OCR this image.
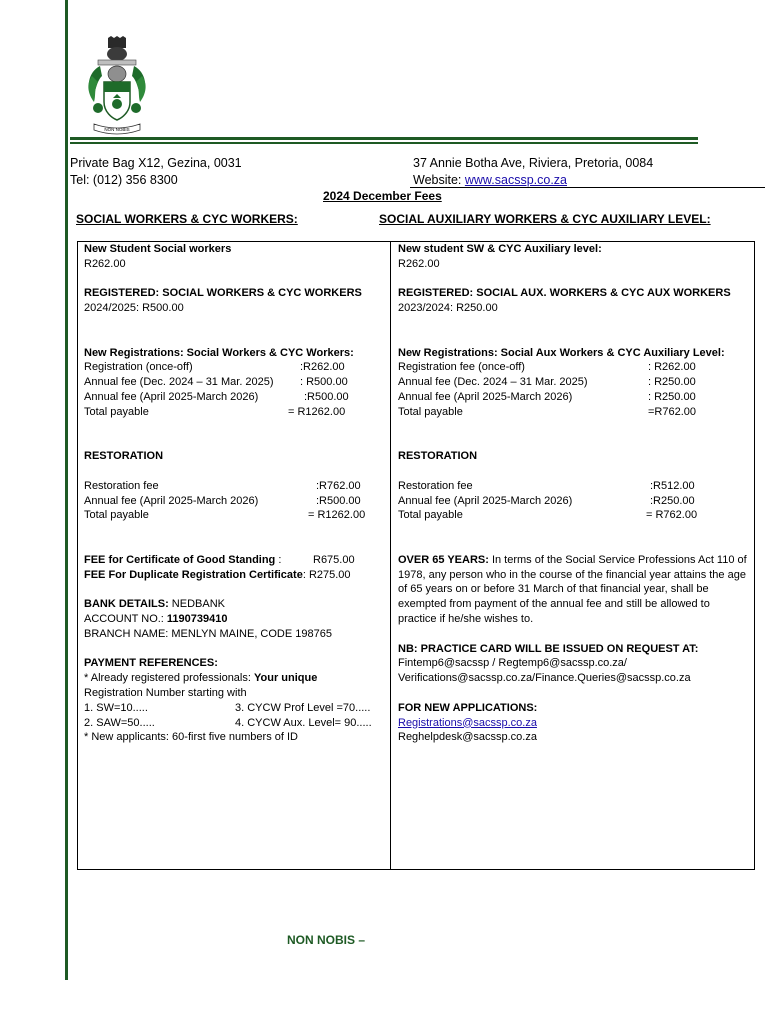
NON NOBIS
Private Bag X12, Gezina, 0031
Tel: (012) 356 8300
37 Annie Botha Ave, Riviera, Pretoria, 0084
Website: www.sacssp.co.za
2024 December Fees
SOCIAL WORKERS & CYC WORKERS:	SOCIAL AUXILIARY WORKERS & CYC AUXILIARY LEVEL:
New Student Social workers
R262.00
REGISTERED: SOCIAL WORKERS & CYC WORKERS
2024/2025: R500.00
New Registrations: Social Workers & CYC Workers:
Registration (once-off)	:R262.00
Annual fee (Dec. 2024 – 31 Mar. 2025) : R500.00
Annual fee (April 2025-March 2026)	:R500.00
Total payable	= R1262.00
RESTORATION
Restoration fee	:R762.00
Annual fee (April 2025-March 2026)	:R500.00
Total payable	= R1262.00
FEE for Certificate of Good Standing :	R675.00
FEE For Duplicate Registration Certificate: R275.00
BANK DETAILS: NEDBANK
ACCOUNT NO.: 1190739410
BRANCH NAME: MENLYN MAINE, CODE 198765
PAYMENT REFERENCES:
* Already registered professionals: Your unique
Registration Number starting with
1. SW=10.....	3. CYCW Prof Level =70.....
2. SAW=50.....	4. CYCW Aux. Level= 90.....
* New applicants: 60-first five numbers of ID
New student SW & CYC Auxiliary level:
R262.00
REGISTERED: SOCIAL AUX. WORKERS & CYC AUX WORKERS
2023/2024: R250.00
New Registrations: Social Aux Workers & CYC Auxiliary Level:
Registration fee (once-off)	: R262.00
Annual fee (Dec. 2024 – 31 Mar. 2025)	: R250.00
Annual fee (April 2025-March 2026)	: R250.00
Total payable	=R762.00
RESTORATION
Restoration fee	:R512.00
Annual fee (April 2025-March 2026)	:R250.00
Total payable	= R762.00
OVER 65 YEARS: In terms of the Social Service Professions Act 110 of 1978, any person who in the course of the financial year attains the age of 65 years on or before 31 March of that financial year, shall be exempted from payment of the annual fee and still be allowed to practice if he/she wishes to.
NB: PRACTICE CARD WILL BE ISSUED ON REQUEST AT:
Fintemp6@sacssp / Regtemp6@sacssp.co.za/
Verifications@sacssp.co.za/Finance.Queries@sacssp.co.za
FOR NEW APPLICATIONS:
Registrations@sacssp.co.za
Reghelpdesk@sacssp.co.za
NON NOBIS –
